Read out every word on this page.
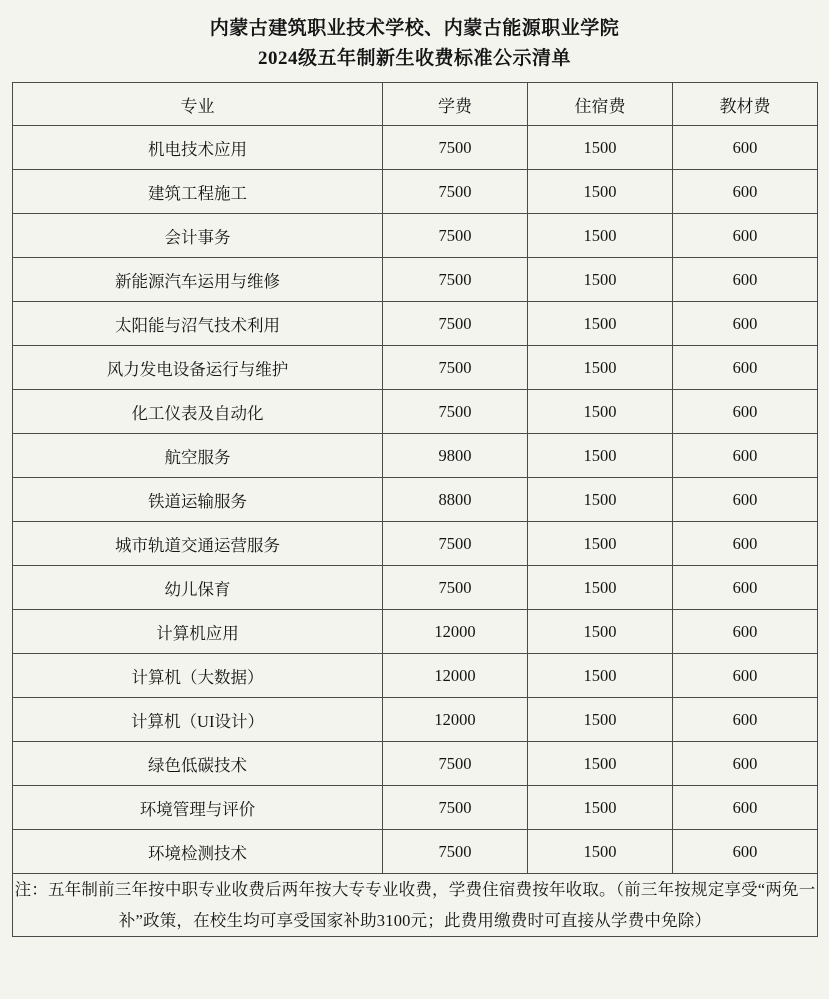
内蒙古建筑职业技术学校、内蒙古能源职业学院
2024级五年制新生收费标准公示清单
专业	学费	住宿费	教材费
机电技术应用	7500	1500	600
建筑工程施工	7500	1500	600
会计事务	7500	1500	600
新能源汽车运用与维修	7500	1500	600
太阳能与沼气技术利用	7500	1500	600
风力发电设备运行与维护	7500	1500	600
化工仪表及自动化	7500	1500	600
航空服务	9800	1500	600
铁道运输服务	8800	1500	600
城市轨道交通运营服务	7500	1500	600
幼儿保育	7500	1500	600
计算机应用	12000	1500	600
计算机（大数据）	12000	1500	600
计算机（UI设计）	12000	1500	600
绿色低碳技术	7500	1500	600
环境管理与评价	7500	1500	600
环境检测技术	7500	1500	600

注：五年制前三年按中职专业收费后两年按大专专业收费，学费住宿费按年收取。（前三年按规定享受“两免一补”政策，在校生均可享受国家补助3100元；此费用缴费时可直接从学费中免除）			
